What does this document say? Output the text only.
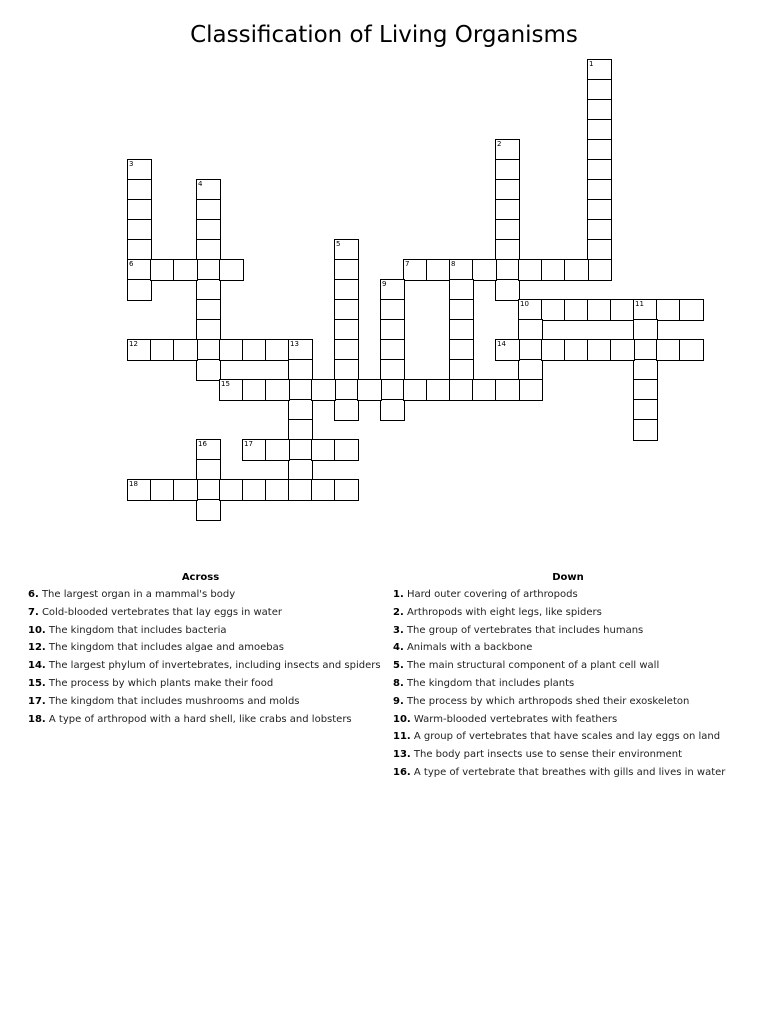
Classification of Living Organisms
1
2
3
6
4
5
7	8
9
10	11
12	13	14
15
16	17
18
Across
6. The largest organ in a mammal's body
7. Cold-blooded vertebrates that lay eggs in water
10. The kingdom that includes bacteria
12. The kingdom that includes algae and amoebas
14. The largest phylum of invertebrates, including insects and spiders
15. The process by which plants make their food
17. The kingdom that includes mushrooms and molds
18. A type of arthropod with a hard shell, like crabs and lobsters
Down
1. Hard outer covering of arthropods
2. Arthropods with eight legs, like spiders
3. The group of vertebrates that includes humans
4. Animals with a backbone
5. The main structural component of a plant cell wall
8. The kingdom that includes plants
9. The process by which arthropods shed their exoskeleton
10. Warm-blooded vertebrates with feathers
11. A group of vertebrates that have scales and lay eggs on land
13. The body part insects use to sense their environment
16. A type of vertebrate that breathes with gills and lives in water
